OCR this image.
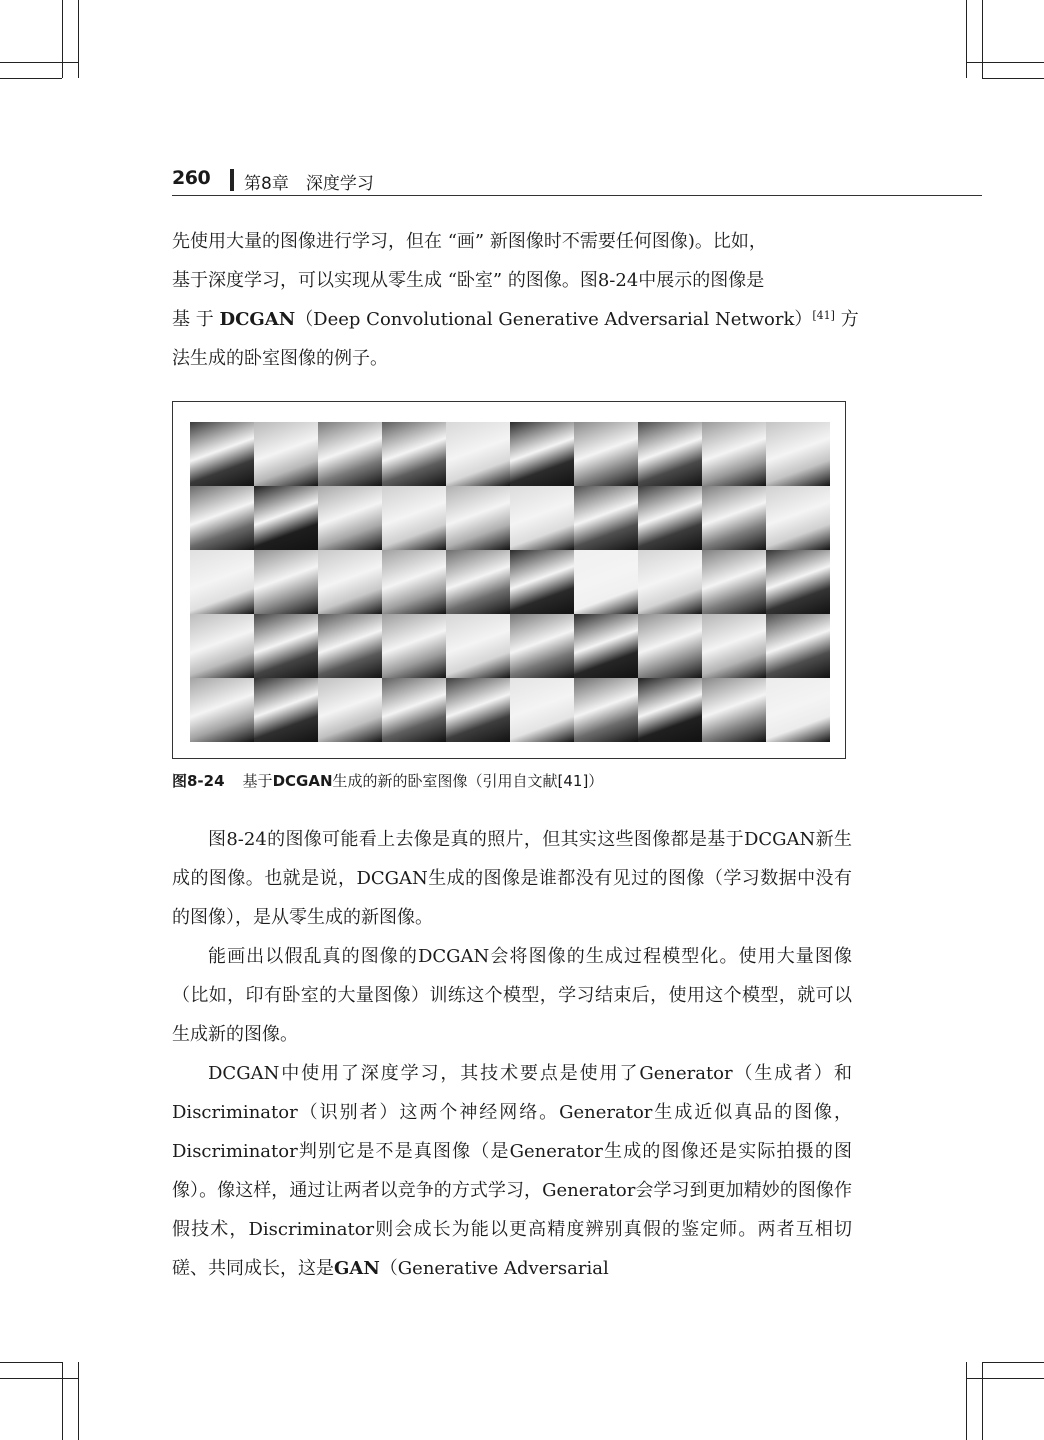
260 第8章　深度学习
先使用大量的图像进行学习，但在 “画” 新图像时不需要任何图像)。比如，
基于深度学习，可以实现从零生成 “卧室” 的图像。图8-24中展示的图像是
基 于 DCGAN（Deep Convolutional Generative Adversarial Network）[41] 方
法生成的卧室图像的例子。
图8-24 基于DCGAN生成的新的卧室图像（引用自文献[41]）
图8-24的图像可能看上去像是真的照片，但其实这些图像都是基于DCGAN新生成的图像。也就是说，DCGAN生成的图像是谁都没有见过的图像（学习数据中没有的图像），是从零生成的新图像。
能画出以假乱真的图像的DCGAN会将图像的生成过程模型化。使用大量图像（比如，印有卧室的大量图像）训练这个模型，学习结束后，使用这个模型，就可以生成新的图像。
DCGAN中使用了深度学习，其技术要点是使用了Generator（生成者）和Discriminator（识别者）这两个神经网络。Generator生成近似真品的图像，Discriminator判别它是不是真图像（是Generator生成的图像还是实际拍摄的图像）。像这样，通过让两者以竞争的方式学习，Generator会学习到更加精妙的图像作假技术，Discriminator则会成长为能以更高精度辨别真假的鉴定师。两者互相切磋、共同成长，这是GAN（Generative Adversarial
